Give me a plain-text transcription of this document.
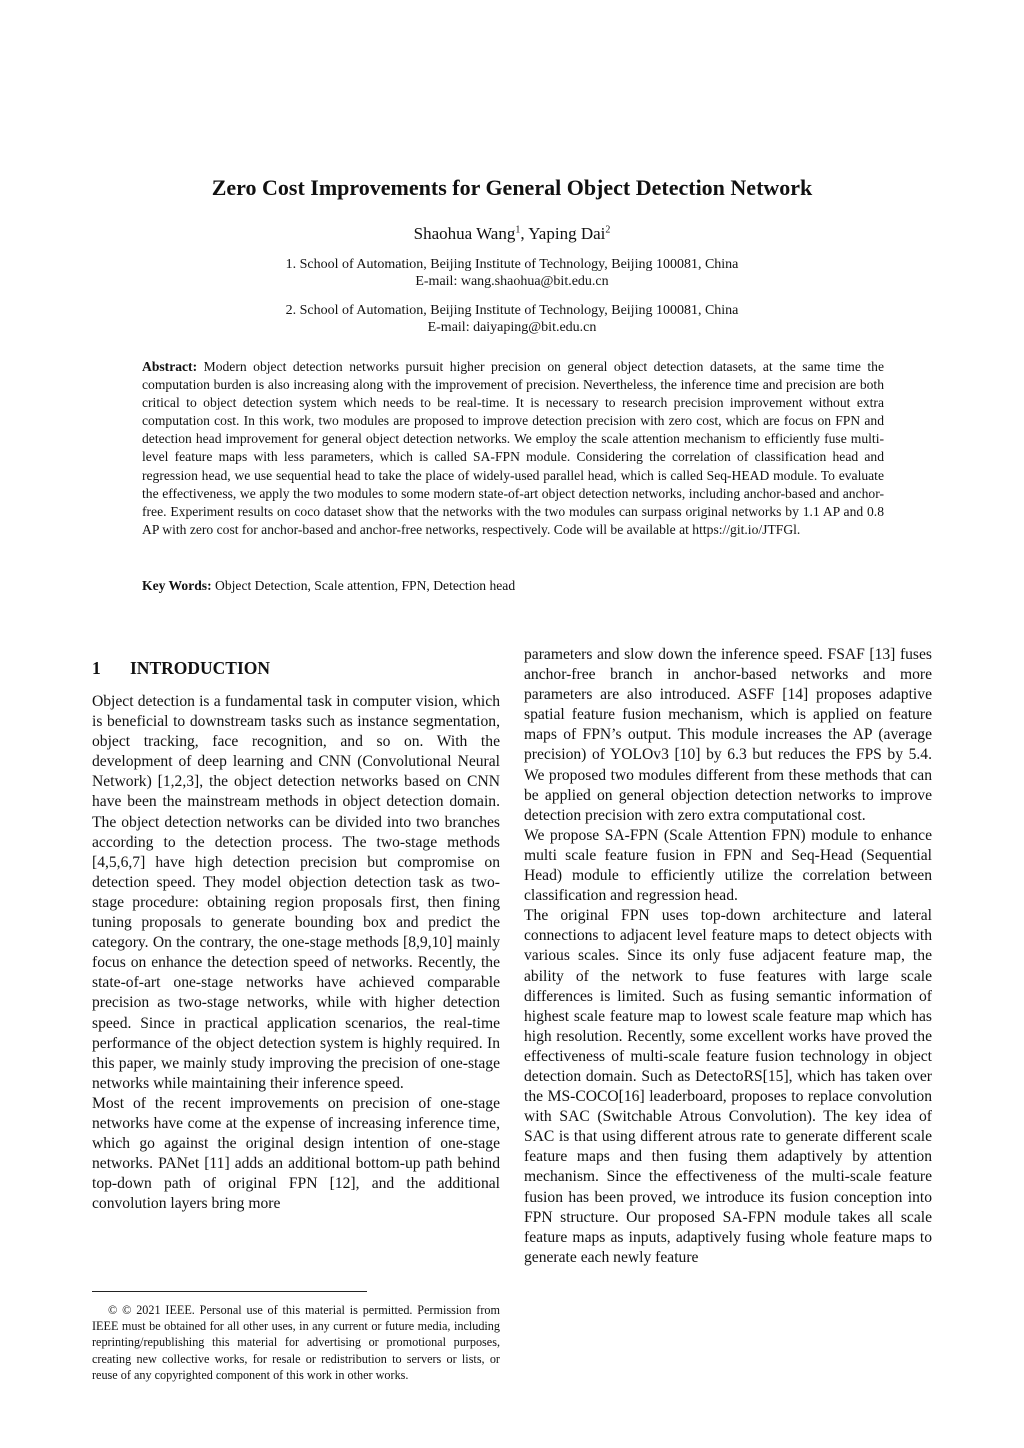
Zero Cost Improvements for General Object Detection Network
Shaohua Wang$^1$, Yaping Dai$^2$
1. School of Automation, Beijing Institute of Technology, Beijing 100081, China
E-mail: wang.shaohua@bit.edu.cn
2. School of Automation, Beijing Institute of Technology, Beijing 100081, China
E-mail: daiyaping@bit.edu.cn
Abstract: Modern object detection networks pursuit higher precision on general object detection datasets, at the same time the computation burden is also increasing along with the improvement of precision. Nevertheless, the inference time and precision are both critical to object detection system which needs to be real-time. It is necessary to research precision improvement without extra computation cost. In this work, two modules are proposed to improve detection precision with zero cost, which are focus on FPN and detection head improvement for general object detection networks. We employ the scale attention mechanism to efficiently fuse multi-level feature maps with less parameters, which is called SA-FPN module. Considering the correlation of classification head and regression head, we use sequential head to take the place of widely-used parallel head, which is called Seq-HEAD module. To evaluate the effectiveness, we apply the two modules to some modern state-of-art object detection networks, including anchor-based and anchor-free. Experiment results on coco dataset show that the networks with the two modules can surpass original networks by 1.1 AP and 0.8 AP with zero cost for anchor-based and anchor-free networks, respectively. Code will be available at https://git.io/JTFGl.
Key Words: Object Detection, Scale attention, FPN, Detection head
1 INTRODUCTION

Object detection is a fundamental task in computer vision, which is beneficial to downstream tasks such as instance segmentation, object tracking, face recognition, and so on. With the development of deep learning and CNN (Convolutional Neural Network) [1,2,3], the object detection networks based on CNN have been the mainstream methods in object detection domain. The object detection networks can be divided into two branches according to the detection process. The two-stage methods [4,5,6,7] have high detection precision but compromise on detection speed. They model objection detection task as two-stage procedure: obtaining region proposals first, then fining tuning proposals to generate bounding box and predict the category. On the contrary, the one-stage methods [8,9,10] mainly focus on enhance the detection speed of networks. Recently, the state-of-art one-stage networks have achieved comparable precision as two-stage networks, while with higher detection speed. Since in practical application scenarios, the real-time performance of the object detection system is highly required. In this paper, we mainly study improving the precision of one-stage networks while maintaining their inference speed.

Most of the recent improvements on precision of one-stage networks have come at the expense of increasing inference time, which go against the original design intention of one-stage networks. PANet [11] adds an additional bottom-up path behind top-down path of original FPN [12], and the additional convolution layers bring more

parameters and slow down the inference speed. FSAF [13] fuses anchor-free branch in anchor-based networks and more parameters are also introduced. ASFF [14] proposes adaptive spatial feature fusion mechanism, which is applied on feature maps of FPN’s output. This module increases the AP (average precision) of YOLOv3 [10] by 6.3 but reduces the FPS by 5.4. We proposed two modules different from these methods that can be applied on general objection detection networks to improve detection precision with zero extra computational cost.

We propose SA-FPN (Scale Attention FPN) module to enhance multi scale feature fusion in FPN and Seq-Head (Sequential Head) module to efficiently utilize the correlation between classification and regression head.

The original FPN uses top-down architecture and lateral connections to adjacent level feature maps to detect objects with various scales. Since its only fuse adjacent feature map, the ability of the network to fuse features with large scale differences is limited. Such as fusing semantic information of highest scale feature map to lowest scale feature map which has high resolution. Recently, some excellent works have proved the effectiveness of multi-scale feature fusion technology in object detection domain. Such as DetectoRS[15], which has taken over the MS-COCO[16] leaderboard, proposes to replace convolution with SAC (Switchable Atrous Convolution). The key idea of SAC is that using different atrous rate to generate different scale feature maps and then fusing them adaptively by attention mechanism. Since the effectiveness of the multi-scale feature fusion has been proved, we introduce its fusion conception into FPN structure. Our proposed SA-FPN module takes all scale feature maps as inputs, adaptively fusing whole feature maps to generate each newly feature

© © 2021 IEEE. Personal use of this material is permitted. Permission from IEEE must be obtained for all other uses, in any current or future media, including reprinting/republishing this material for advertising or promotional purposes, creating new collective works, for resale or redistribution to servers or lists, or reuse of any copyrighted component of this work in other works.
